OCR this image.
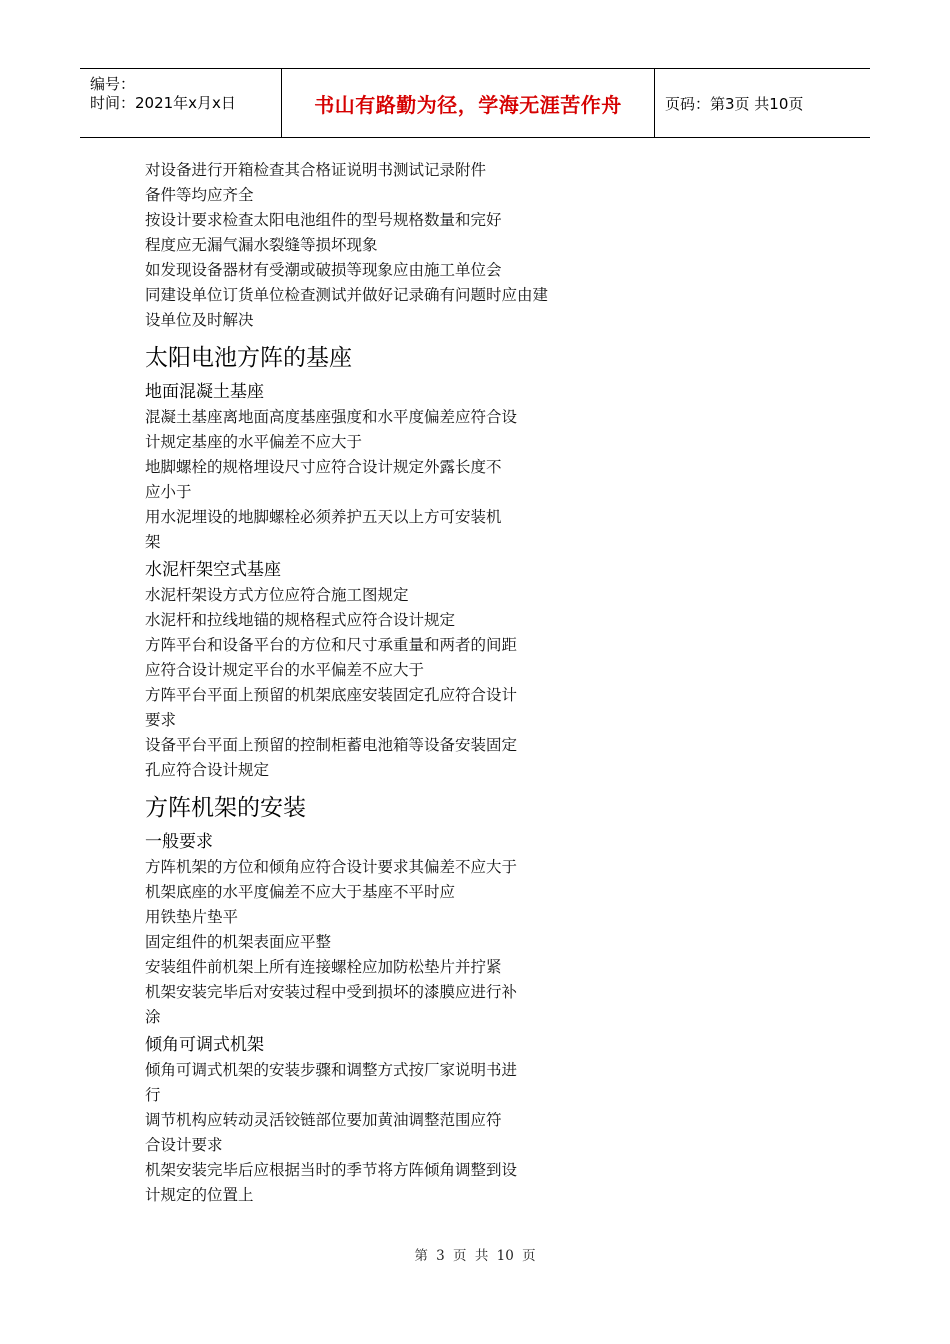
编号：
时间：2021年x月x日	书山有路勤为径，学海无涯苦作舟	页码：第3页 共10页
对设备进行开箱检查其合格证说明书测试记录附件
备件等均应齐全
按设计要求检查太阳电池组件的型号规格数量和完好
程度应无漏气漏水裂缝等损坏现象
如发现设备器材有受潮或破损等现象应由施工单位会
同建设单位订货单位检查测试并做好记录确有问题时应由建
设单位及时解决
太阳电池方阵的基座
地面混凝土基座
混凝土基座离地面高度基座强度和水平度偏差应符合设
计规定基座的水平偏差不应大于
地脚螺栓的规格埋设尺寸应符合设计规定外露长度不
应小于
用水泥埋设的地脚螺栓必须养护五天以上方可安装机
架
水泥杆架空式基座
水泥杆架设方式方位应符合施工图规定
水泥杆和拉线地锚的规格程式应符合设计规定
方阵平台和设备平台的方位和尺寸承重量和两者的间距
应符合设计规定平台的水平偏差不应大于
方阵平台平面上预留的机架底座安装固定孔应符合设计
要求
设备平台平面上预留的控制柜蓄电池箱等设备安装固定
孔应符合设计规定
方阵机架的安装
一般要求
方阵机架的方位和倾角应符合设计要求其偏差不应大于
机架底座的水平度偏差不应大于基座不平时应
用铁垫片垫平
固定组件的机架表面应平整
安装组件前机架上所有连接螺栓应加防松垫片并拧紧
机架安装完毕后对安装过程中受到损坏的漆膜应进行补
涂
倾角可调式机架
倾角可调式机架的安装步骤和调整方式按厂家说明书进
行
调节机构应转动灵活铰链部位要加黄油调整范围应符
合设计要求
机架安装完毕后应根据当时的季节将方阵倾角调整到设
计规定的位置上
第 3 页 共 10 页
